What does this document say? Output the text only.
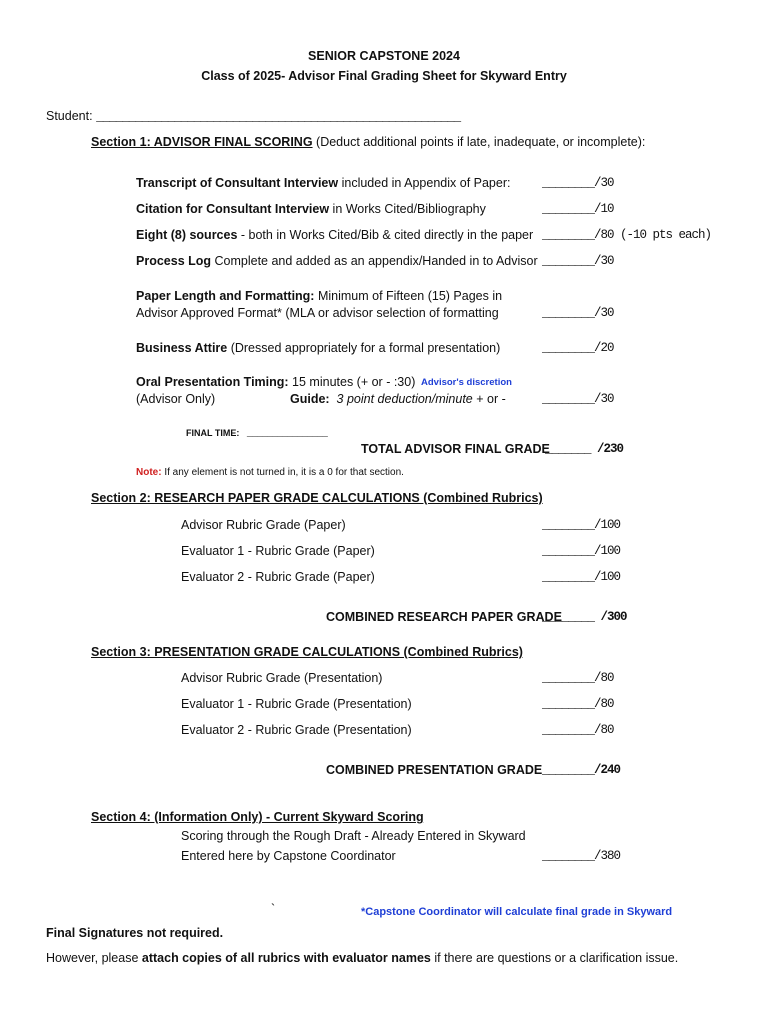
SENIOR CAPSTONE 2024
Class of 2025- Advisor Final Grading Sheet for Skyward Entry
Student: ________________________________________________________
Section 1: ADVISOR FINAL SCORING (Deduct additional points if late, inadequate, or incomplete):
Transcript of Consultant Interview included in Appendix of Paper:	________/30
Citation for Consultant Interview in Works Cited/Bibliography	________/10
Eight (8) sources - both in Works Cited/Bib & cited directly in the paper ________/80 (-10 pts each)
Process Log Complete and added as an appendix/Handed in to Advisor ________/30
Paper Length and Formatting: Minimum of Fifteen (15) Pages in
Advisor Approved Format* (MLA or advisor selection of formatting	________/30
Business Attire (Dressed appropriately for a formal presentation)	________/20
Oral Presentation Timing: 15 minutes (+ or - :30) Advisor's discretion
(Advisor Only)	Guide: 3 point deduction/minute + or -	________/30
FINAL TIME: ________________
TOTAL ADVISOR FINAL GRADE
_______ /230
Note: If any element is not turned in, it is a 0 for that section.
Section 2: RESEARCH PAPER GRADE CALCULATIONS (Combined Rubrics)
Advisor Rubric Grade (Paper)	________/100
Evaluator 1 - Rubric Grade (Paper)	________/100
Evaluator 2 - Rubric Grade (Paper)	________/100
COMBINED RESEARCH PAPER GRADE
________ /300
Section 3: PRESENTATION GRADE CALCULATIONS (Combined Rubrics)
Advisor Rubric Grade (Presentation)	________/80
Evaluator 1 - Rubric Grade (Presentation)	________/80
Evaluator 2 - Rubric Grade (Presentation)	________/80
COMBINED PRESENTATION GRADE ________/240
Section 4: (Information Only) - Current Skyward Scoring
Scoring through the Rough Draft - Already Entered in Skyward
Entered here by Capstone Coordinator	________/380
`	*Capstone Coordinator will calculate final grade in Skyward
Final Signatures not required.
However, please attach copies of all rubrics with evaluator names if there are questions or a clarification issue.
